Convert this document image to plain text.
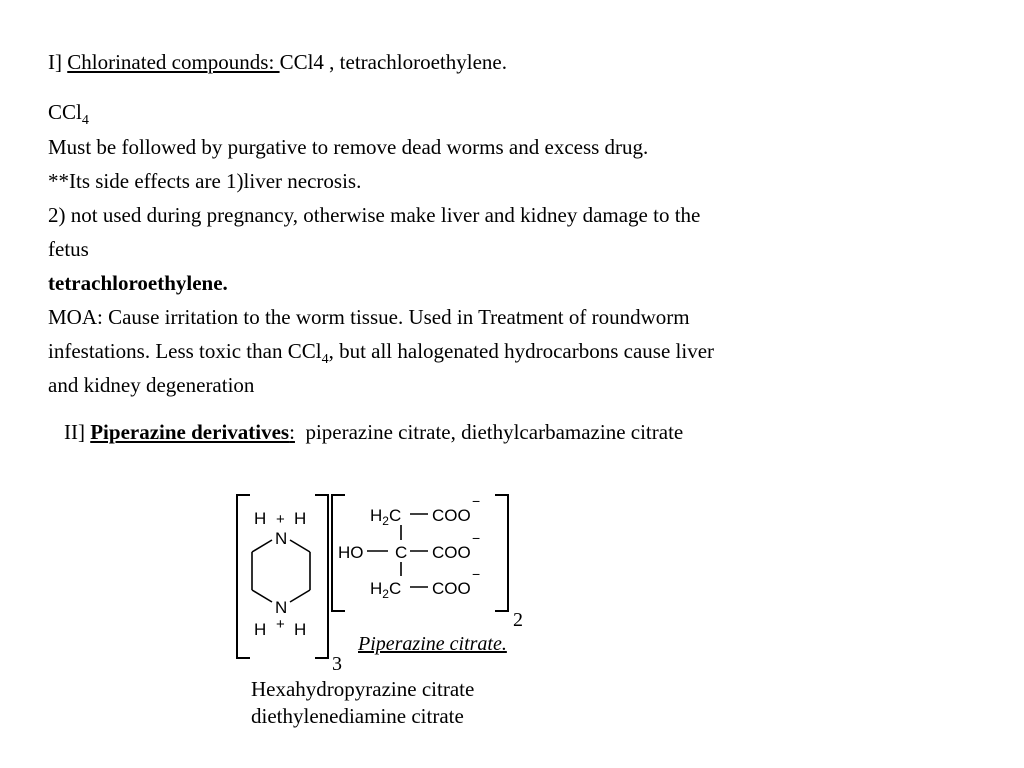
I] Chlorinated compounds: CCl4 , tetrachloroethylene.
CCl$_4$
Must be followed by purgative to remove dead worms and excess drug.
**Its side effects are 1)liver necrosis.
2) not used during pregnancy, otherwise make liver and kidney damage to the
fetus
tetrachloroethylene.
MOA: Cause irritation to the worm tissue. Used in Treatment of roundworm
infestations. Less toxic than CCl$_4$, but all halogenated hydrocarbons cause liver
and kidney degeneration
II] Piperazine derivatives: piperazine citrate, diethylcarbamazine citrate
H + H
N
N
H + H
$H_2C$ COO
−
HO C COO
−
$H_2C$ COO
−
3
2
Piperazine citrate.
Hexahydropyrazine citrate
diethylenediamine citrate
